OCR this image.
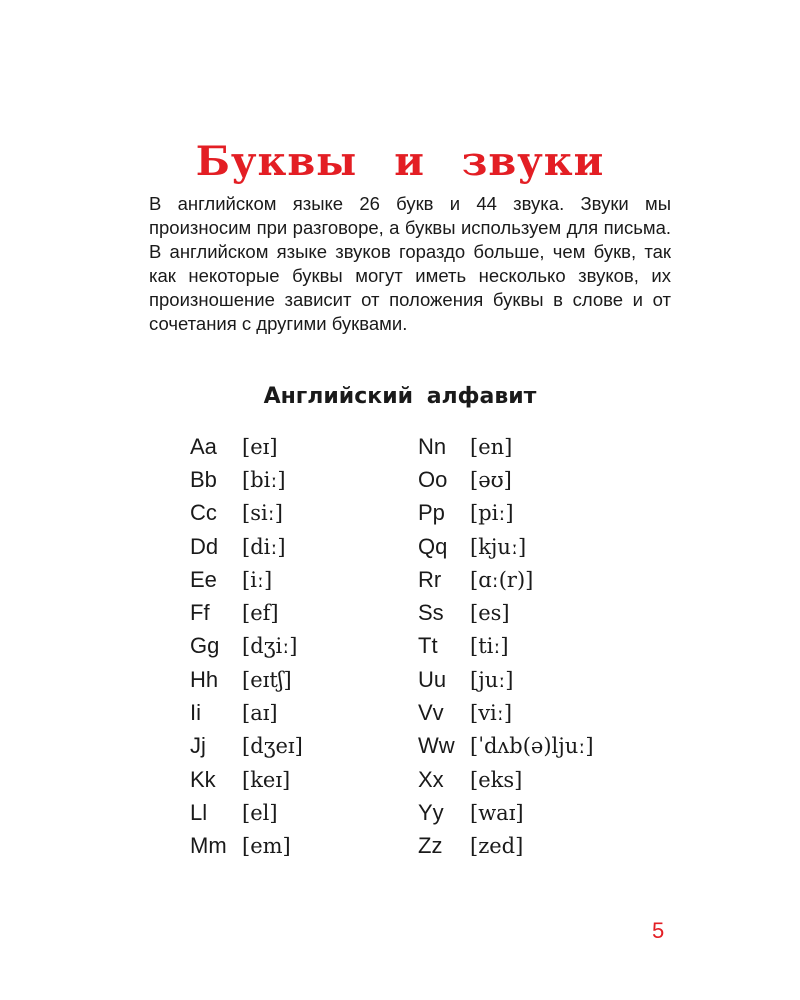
Буквы и звуки

В английском языке 26 букв и 44 звука. Звуки мы произносим при разговоре, а буквы используем для письма. В английском языке звуков гораздо больше, чем букв, так как некоторые буквы могут иметь несколько звуков, их произношение зависит от положения буквы в слове и от сочетания с другими буквами.

Английский алфавит
Aa	[eɪ]
Bb	[biː]
Cc	[siː]
Dd	[diː]
Ee	[iː]
Ff	[ef]
Gg	[dʒiː]
Hh	[eɪtʃ]
Ii	[aɪ]
Jj	[dʒeɪ]
Kk	[keɪ]
Ll	[el]
Mm [em]
Nn	[en]
Oo	[əʊ]
Pp	[piː]
Qq	[kjuː]
Rr	[ɑː(r)]
Ss	[es]
Tt	[tiː]
Uu	[juː]
Vv	[viː]
Ww [ˈdʌb(ə)ljuː]
Xx	[eks]
Yy	[waɪ]
Zz	[zed]
5
